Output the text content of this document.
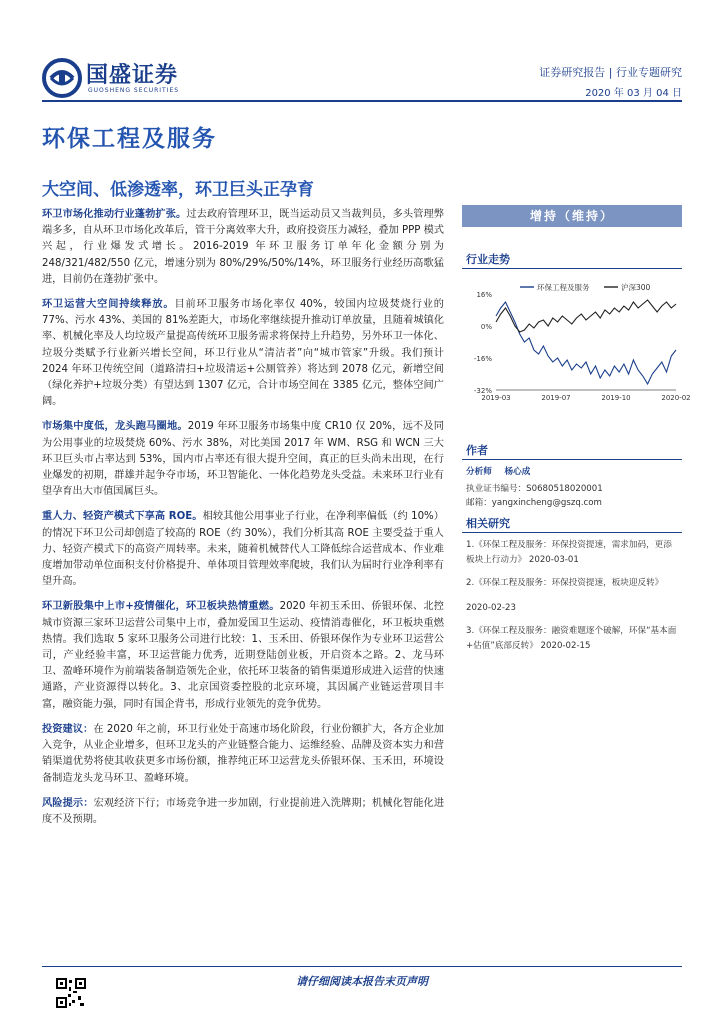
国盛证券
GUOSHENG SECURITIES
证券研究报告 | 行业专题研究
2020 年 03 月 04 日
环保工程及服务
大空间、低渗透率，环卫巨头正孕育

环卫市场化推动行业蓬勃扩张。过去政府管理环卫，既当运动员又当裁判员，多头管理弊端多多，自从环卫市场化改革后，管干分离效率大升，政府投资压力减轻，叠加 PPP 模式兴起，行业爆发式增长。2016-2019 年环卫服务订单年化金额分别为 248/321/482/550 亿元，增速分别为 80%/29%/50%/14%，环卫服务行业经历高歌猛进，目前仍在蓬勃扩张中。

环卫运营大空间持续释放。目前环卫服务市场化率仅 40%，较国内垃圾焚烧行业的 77%、污水 43%、美国的 81%差距大，市场化率继续提升推动订单放量，且随着城镇化率、机械化率及人均垃圾产量提高传统环卫服务需求将保持上升趋势，另外环卫一体化、垃圾分类赋予行业新兴增长空间，环卫行业从“清洁者”向“城市管家”升级。我们预计 2024 年环卫传统空间（道路清扫+垃圾清运+公厕管养）将达到 2078 亿元，新增空间（绿化养护+垃圾分类）有望达到 1307 亿元，合计市场空间在 3385 亿元，整体空间广阔。

市场集中度低，龙头跑马圈地。2019 年环卫服务市场集中度 CR10 仅 20%，远不及同为公用事业的垃圾焚烧 60%、污水 38%，对比美国 2017 年 WM、RSG 和 WCN 三大环卫巨头市占率达到 53%，国内市占率还有很大提升空间，真正的巨头尚未出现，在行业爆发的初期，群雄并起争夺市场，环卫智能化、一体化趋势龙头受益。未来环卫行业有望孕育出大市值国属巨头。

重人力、轻资产模式下享高 ROE。相较其他公用事业子行业，在净利率偏低（约 10%）的情况下环卫公司却创造了较高的 ROE（约 30%），我们分析其高 ROE 主要受益于重人力、轻资产模式下的高资产周转率。未来，随着机械替代人工降低综合运营成本、作业难度增加带动单位面积支付价格提升、单体项目管理效率爬坡，我们认为届时行业净利率有望升高。

环卫新股集中上市+疫情催化，环卫板块热情重燃。2020 年初玉禾田、侨银环保、北控城市资源三家环卫运营公司集中上市，叠加爱国卫生运动、疫情消毒催化，环卫板块重燃热情。我们选取 5 家环卫服务公司进行比较：1、玉禾田、侨银环保作为专业环卫运营公司，产业经验丰富，环卫运营能力优秀，近期登陆创业板，开启资本之路。2、龙马环卫、盈峰环境作为前端装备制造领先企业，依托环卫装备的销售渠道形成进入运营的快速通路，产业资源得以转化。3、北京国资委控股的北京环境，其因属产业链运营项目丰富，融资能力强，同时有国企背书，形成行业领先的竞争优势。

投资建议：在 2020 年之前，环卫行业处于高速市场化阶段，行业份额扩大，各方企业加入竞争，从业企业增多，但环卫龙头的产业链整合能力、运维经验、品牌及资本实力和营销渠道优势将使其收获更多市场份额，推荐纯正环卫运营龙头侨银环保、玉禾田，环境设备制造龙头龙马环卫、盈峰环境。

风险提示：宏观经济下行；市场竞争进一步加剧，行业提前进入洗牌期；机械化智能化进度不及预期。

增持（维持）
行业走势
16%
0%
-16%
-32%
2019-03	2019-07	2019-10	2020-02
环保工程及服务	沪深300
作者
分析师 杨心成
执业证书编号：S0680518020001
邮箱：yangxincheng@gszq.com
相关研究
1.《环保工程及服务：环保投资提速，需求加码，更添板块上行动力》 2020-03-01
2.《环保工程及服务：环保投资提速，板块迎反转》
2020-02-23
3.《环保工程及服务：融资难题逐个破解，环保“基本面+估值”底部反转》 2020-02-15
请仔细阅读本报告末页声明
